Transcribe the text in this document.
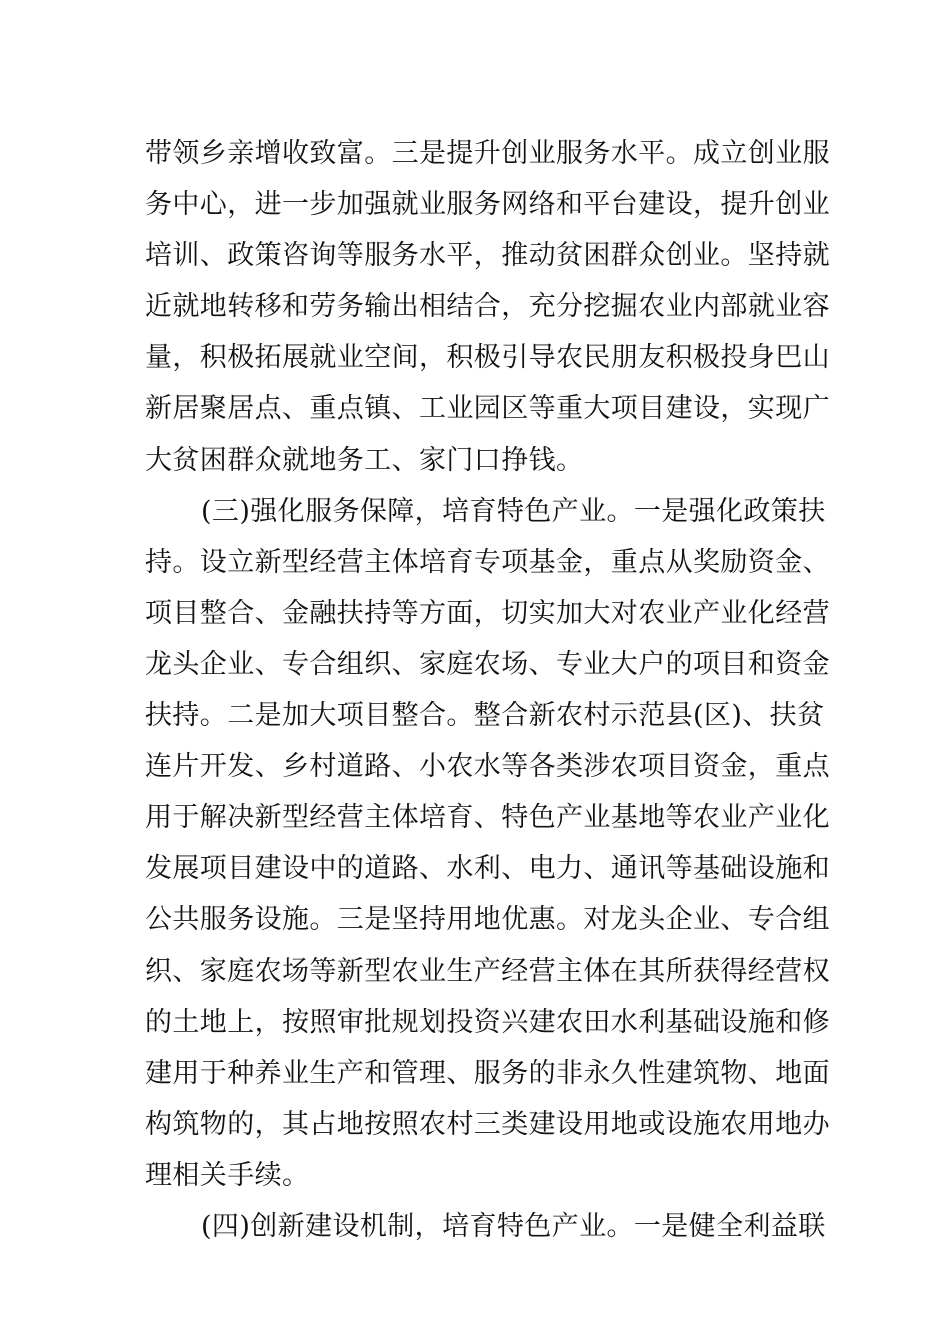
带领乡亲增收致富。三是提升创业服务水平。成立创业服
务中心，进一步加强就业服务网络和平台建设，提升创业
培训、政策咨询等服务水平，推动贫困群众创业。坚持就
近就地转移和劳务输出相结合，充分挖掘农业内部就业容
量，积极拓展就业空间，积极引导农民朋友积极投身巴山
新居聚居点、重点镇、工业园区等重大项目建设，实现广
大贫困群众就地务工、家门口挣钱。
(三)强化服务保障，培育特色产业。一是强化政策扶
持。设立新型经营主体培育专项基金，重点从奖励资金、
项目整合、金融扶持等方面，切实加大对农业产业化经营
龙头企业、专合组织、家庭农场、专业大户的项目和资金
扶持。二是加大项目整合。整合新农村示范县(区)、扶贫
连片开发、乡村道路、小农水等各类涉农项目资金，重点
用于解决新型经营主体培育、特色产业基地等农业产业化
发展项目建设中的道路、水利、电力、通讯等基础设施和
公共服务设施。三是坚持用地优惠。对龙头企业、专合组
织、家庭农场等新型农业生产经营主体在其所获得经营权
的土地上，按照审批规划投资兴建农田水利基础设施和修
建用于种养业生产和管理、服务的非永久性建筑物、地面
构筑物的，其占地按照农村三类建设用地或设施农用地办
理相关手续。
(四)创新建设机制，培育特色产业。一是健全利益联
